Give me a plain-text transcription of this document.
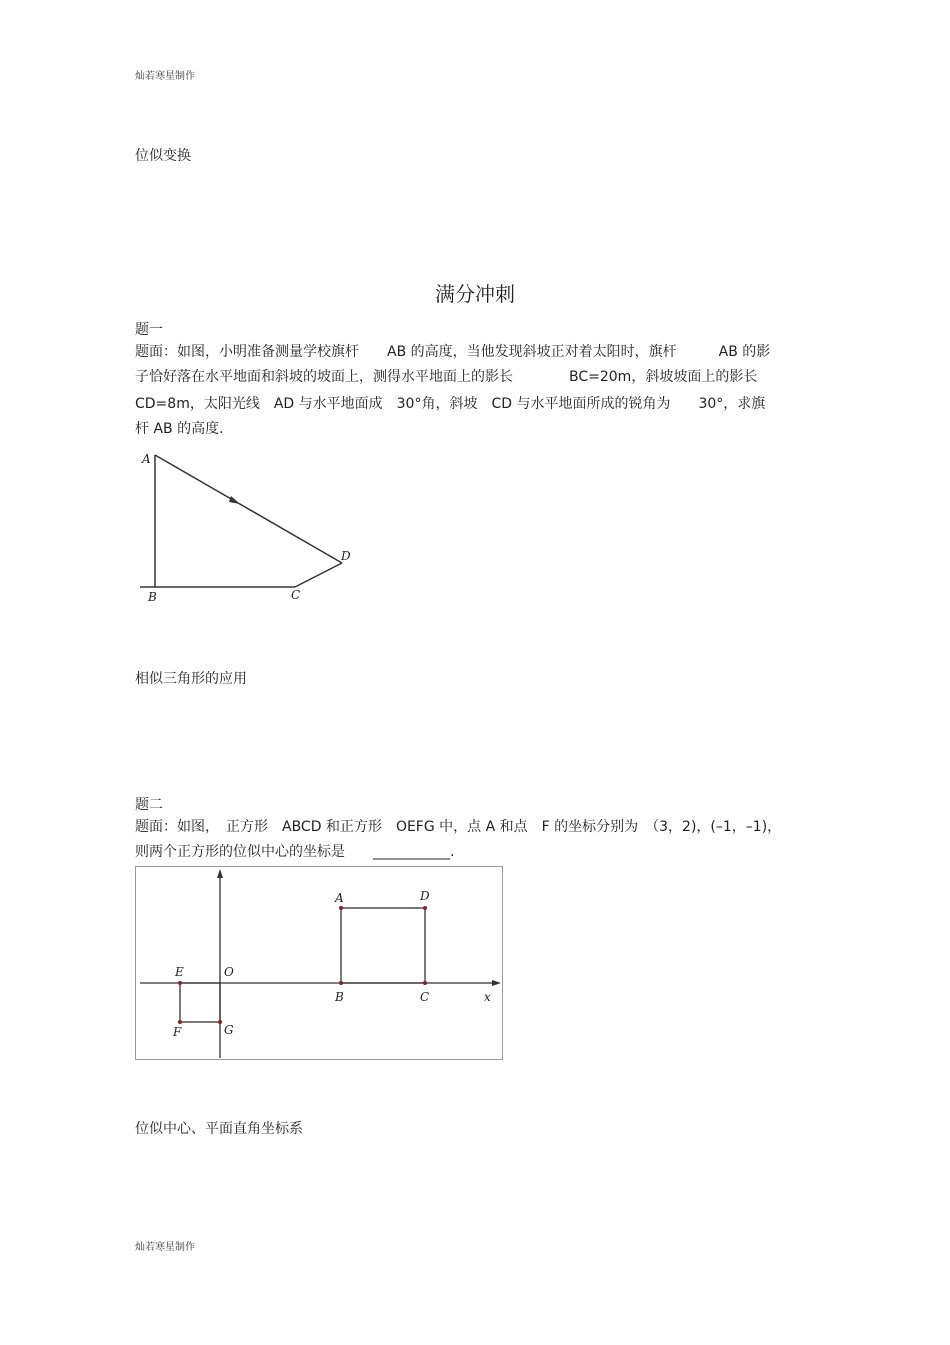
灿若寒星制作
位似变换
满分冲刺
题一
题面：如图，小明准备测量学校旗杆　　AB 的高度，当他发现斜坡正对着太阳时，旗杆　　　AB 的影
子恰好落在水平地面和斜坡的坡面上，测得水平地面上的影长　　　　BC=20m，斜坡坡面上的影长
CD=8m，太阳光线　AD 与水平地面成　30°角，斜坡　CD 与水平地面所成的锐角为　　30°，求旗
杆 AB 的高度.
A
B	C
D
相似三角形的应用
题二
题面：如图，　正方形　ABCD 和正方形　OEFG 中，点 A 和点　F 的坐标分别为　（3，2)，(–1，–1)，
则两个正方形的位似中心的坐标是　　___________.
A	D
E	O
B	C	x
F	G
位似中心、平面直角坐标系
灿若寒星制作
